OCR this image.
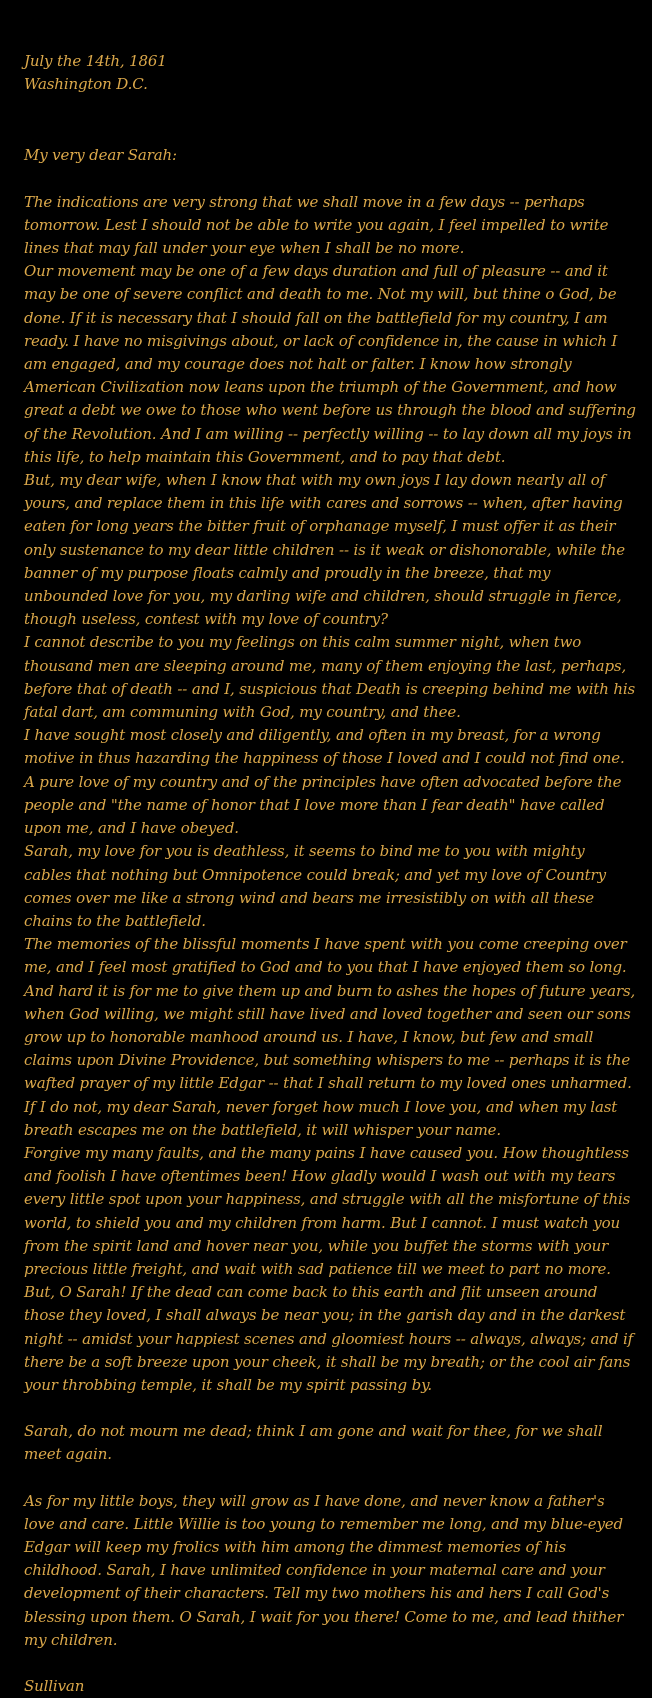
July the 14th, 1861
Washington D.C.

My very dear Sarah:

The indications are very strong that we shall move in a few days -- perhaps tomorrow. Lest I should not be able to write you again, I feel impelled to write lines that may fall under your eye when I shall be no more.

Our movement may be one of a few days duration and full of pleasure -- and it may be one of severe conflict and death to me. Not my will, but thine o God, be done. If it is necessary that I should fall on the battlefield for my country, I am ready. I have no misgivings about, or lack of confidence in, the cause in which I am engaged, and my courage does not halt or falter. I know how strongly American Civilization now leans upon the triumph of the Government, and how great a debt we owe to those who went before us through the blood and suffering of the Revolution. And I am willing -- perfectly willing -- to lay down all my joys in this life, to help maintain this Government, and to pay that debt.

But, my dear wife, when I know that with my own joys I lay down nearly all of yours, and replace them in this life with cares and sorrows -- when, after having eaten for long years the bitter fruit of orphanage myself, I must offer it as their only sustenance to my dear little children -- is it weak or dishonorable, while the banner of my purpose floats calmly and proudly in the breeze, that my unbounded love for you, my darling wife and children, should struggle in fierce, though useless, contest with my love of country?

I cannot describe to you my feelings on this calm summer night, when two thousand men are sleeping around me, many of them enjoying the last, perhaps, before that of death -- and I, suspicious that Death is creeping behind me with his fatal dart, am communing with God, my country, and thee.

I have sought most closely and diligently, and often in my breast, for a wrong motive in thus hazarding the happiness of those I loved and I could not find one. A pure love of my country and of the principles have often advocated before the people and "the name of honor that I love more than I fear death" have called upon me, and I have obeyed.

Sarah, my love for you is deathless, it seems to bind me to you with mighty cables that nothing but Omnipotence could break; and yet my love of Country comes over me like a strong wind and bears me irresistibly on with all these chains to the battlefield.

The memories of the blissful moments I have spent with you come creeping over me, and I feel most gratified to God and to you that I have enjoyed them so long. And hard it is for me to give them up and burn to ashes the hopes of future years, when God willing, we might still have lived and loved together and seen our sons grow up to honorable manhood around us. I have, I know, but few and small claims upon Divine Providence, but something whispers to me -- perhaps it is the wafted prayer of my little Edgar -- that I shall return to my loved ones unharmed. If I do not, my dear Sarah, never forget how much I love you, and when my last breath escapes me on the battlefield, it will whisper your name.

Forgive my many faults, and the many pains I have caused you. How thoughtless and foolish I have oftentimes been! How gladly would I wash out with my tears every little spot upon your happiness, and struggle with all the misfortune of this world, to shield you and my children from harm. But I cannot. I must watch you from the spirit land and hover near you, while you buffet the storms with your precious little freight, and wait with sad patience till we meet to part no more.

But, O Sarah! If the dead can come back to this earth and flit unseen around those they loved, I shall always be near you; in the garish day and in the darkest night -- amidst your happiest scenes and gloomiest hours -- always, always; and if there be a soft breeze upon your cheek, it shall be my breath; or the cool air fans your throbbing temple, it shall be my spirit passing by.

Sarah, do not mourn me dead; think I am gone and wait for thee, for we shall meet again.

As for my little boys, they will grow as I have done, and never know a father's love and care. Little Willie is too young to remember me long, and my blue-eyed Edgar will keep my frolics with him among the dimmest memories of his childhood. Sarah, I have unlimited confidence in your maternal care and your development of their characters. Tell my two mothers his and hers I call God's blessing upon them. O Sarah, I wait for you there! Come to me, and lead thither my children.

Sullivan
